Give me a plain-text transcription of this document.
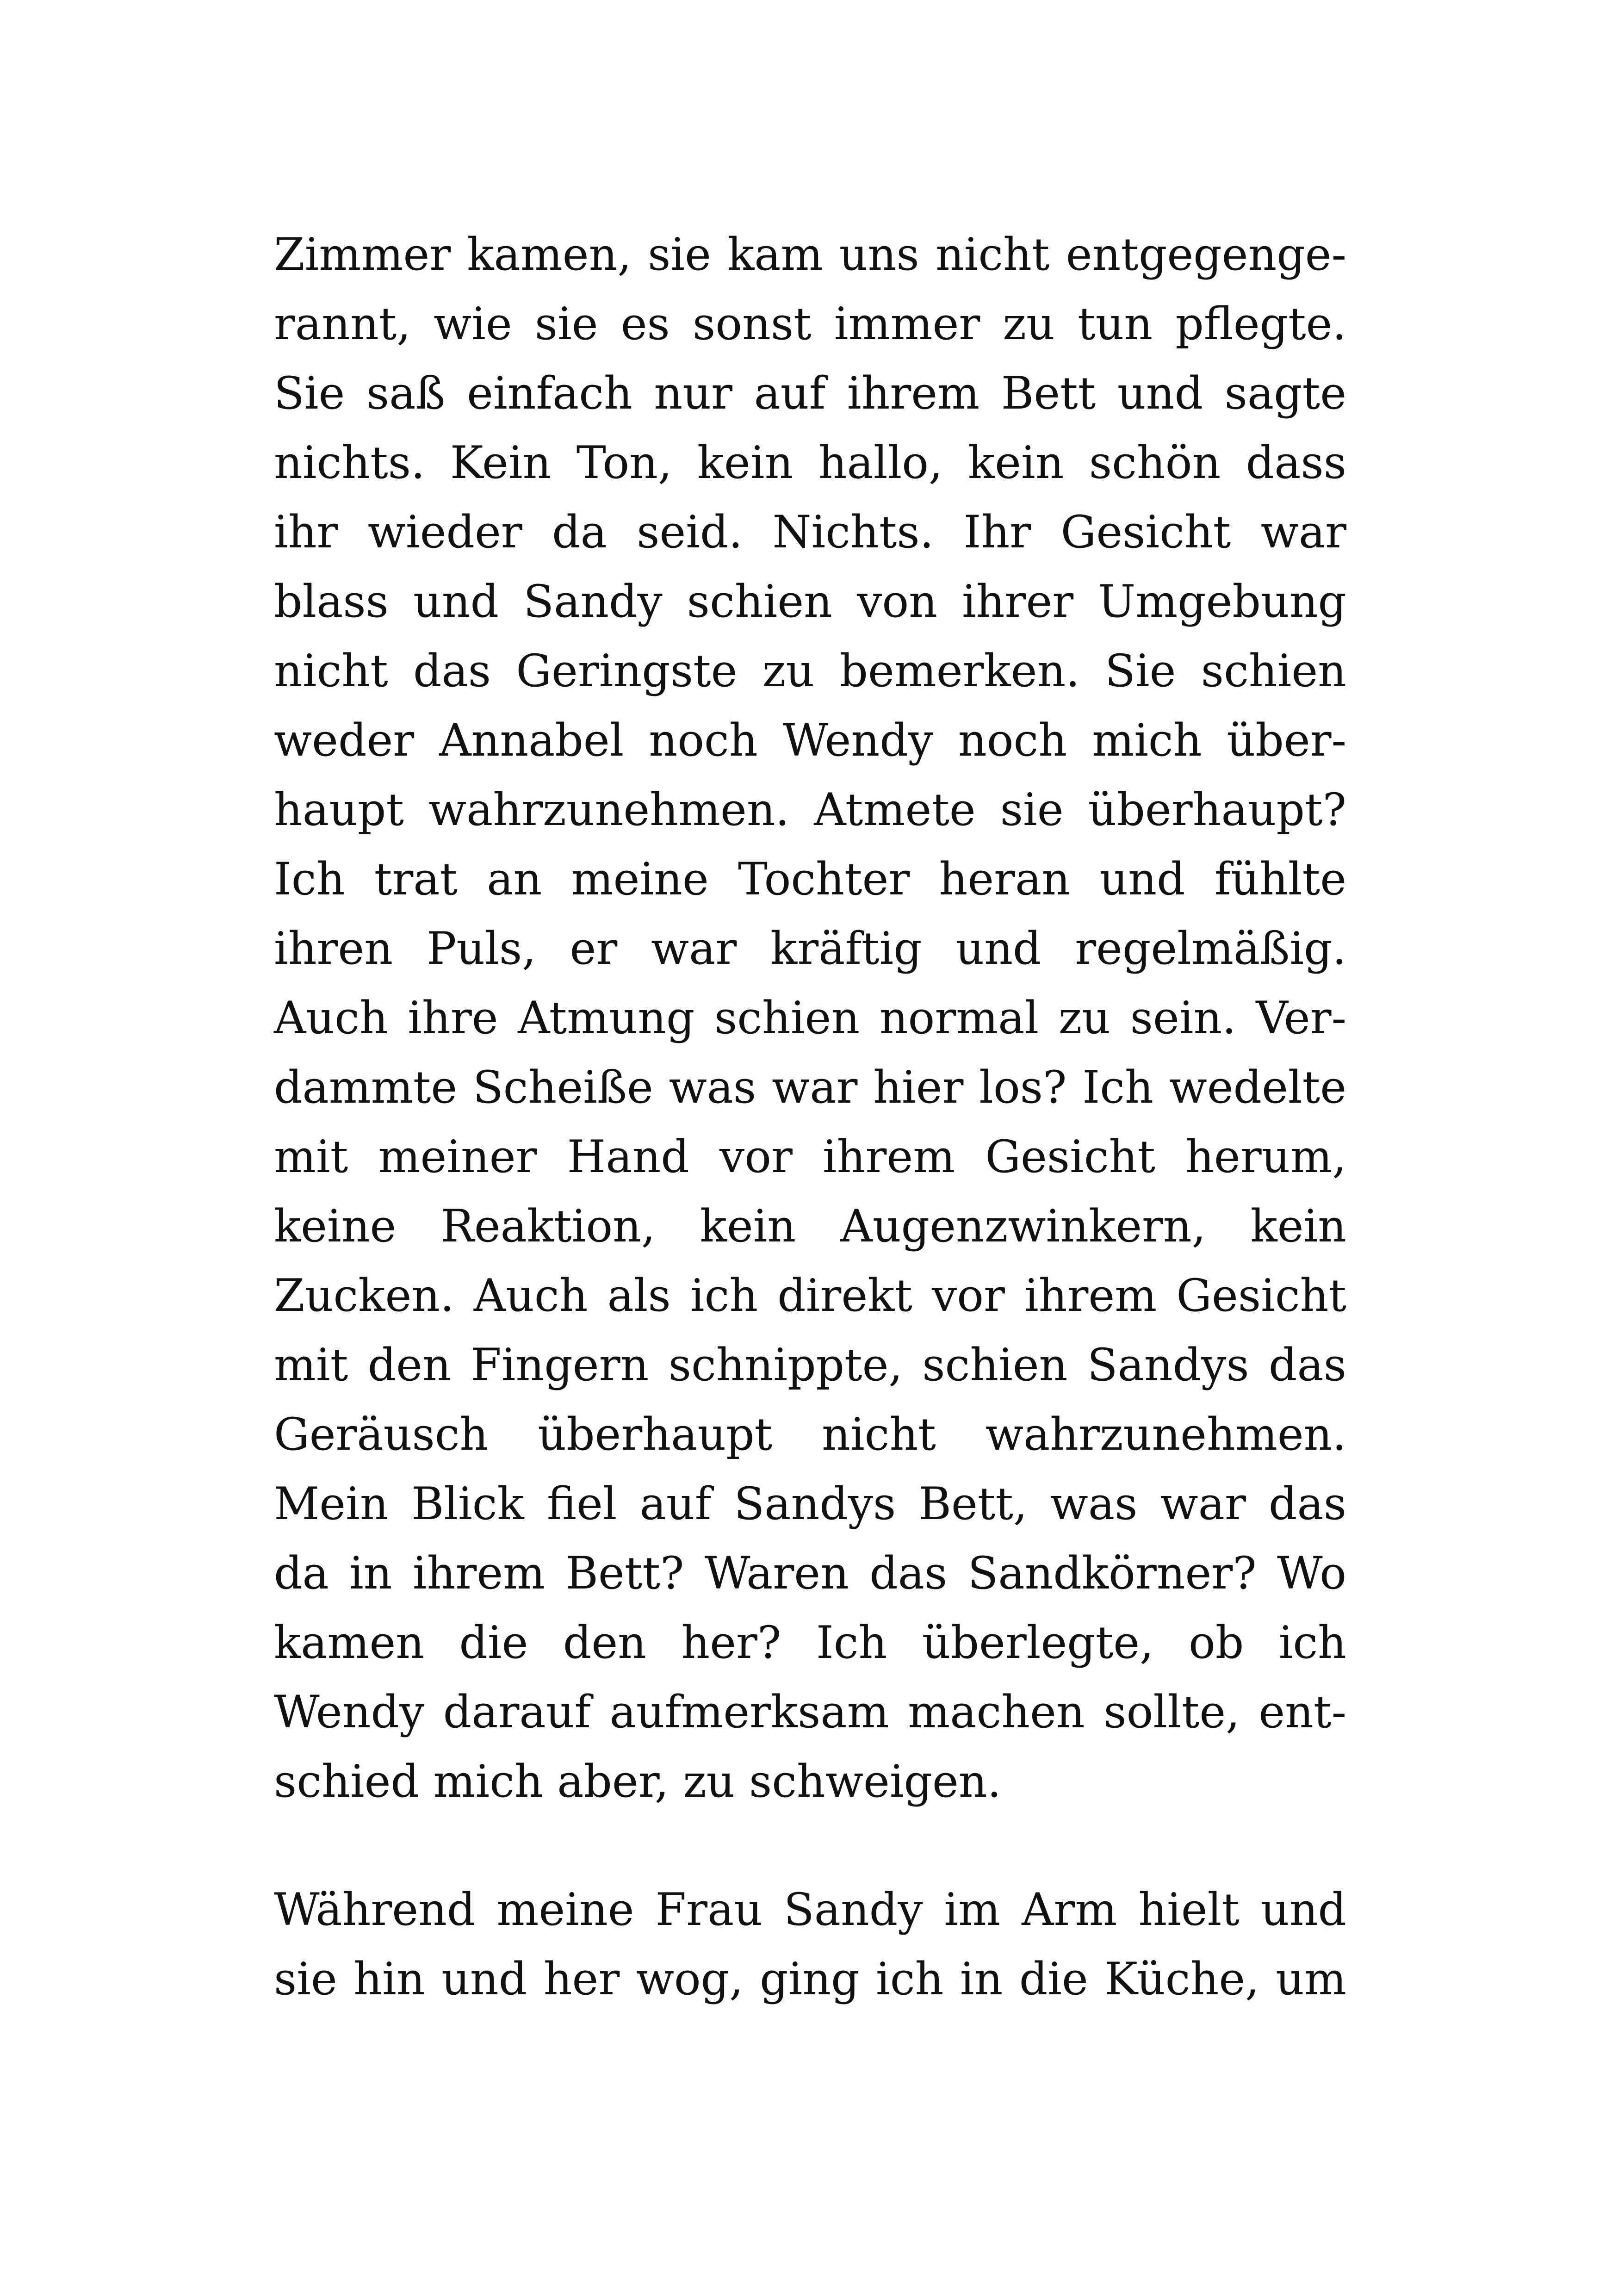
Zimmer kamen, sie kam uns nicht entgegenge-
rannt, wie sie es sonst immer zu tun pflegte.
Sie saß einfach nur auf ihrem Bett und sagte
nichts. Kein Ton, kein hallo, kein schön dass
ihr wieder da seid. Nichts. Ihr Gesicht war
blass und Sandy schien von ihrer Umgebung
nicht das Geringste zu bemerken. Sie schien
weder Annabel noch Wendy noch mich über-
haupt wahrzunehmen. Atmete sie überhaupt?
Ich trat an meine Tochter heran und fühlte
ihren Puls, er war kräftig und regelmäßig.
Auch ihre Atmung schien normal zu sein. Ver-
dammte Scheiße was war hier los? Ich wedelte
mit meiner Hand vor ihrem Gesicht herum,
keine Reaktion, kein Augenzwinkern, kein
Zucken. Auch als ich direkt vor ihrem Gesicht
mit den Fingern schnippte, schien Sandys das
Geräusch überhaupt nicht wahrzunehmen.
Mein Blick fiel auf Sandys Bett, was war das
da in ihrem Bett? Waren das Sandkörner? Wo
kamen die den her? Ich überlegte, ob ich
Wendy darauf aufmerksam machen sollte, ent-
schied mich aber, zu schweigen.
Während meine Frau Sandy im Arm hielt und
sie hin und her wog, ging ich in die Küche, um
